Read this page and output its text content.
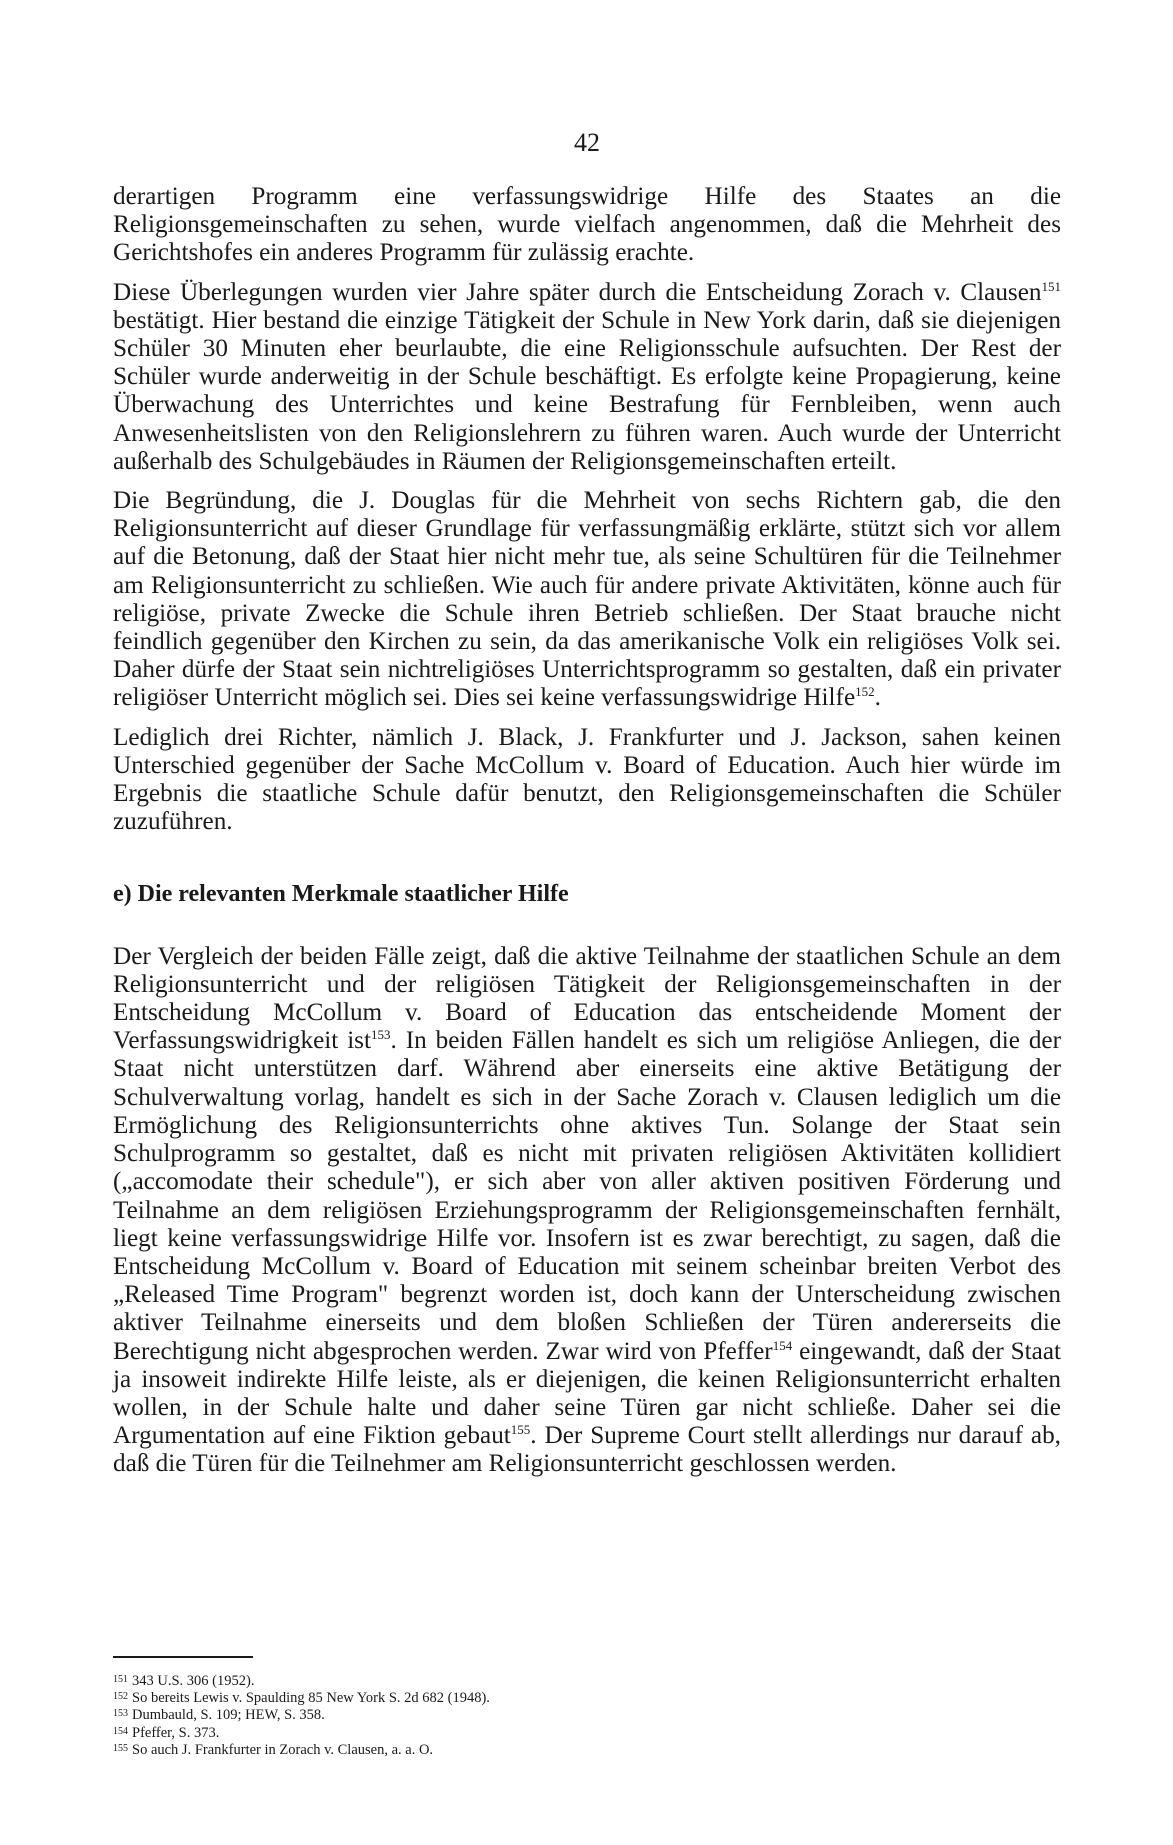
42

derartigen Programm eine verfassungswidrige Hilfe des Staates an die Religionsgemeinschaften zu sehen, wurde vielfach angenommen, daß die Mehrheit des Gerichtshofes ein anderes Programm für zulässig erachte.

Diese Überlegungen wurden vier Jahre später durch die Entscheidung Zorach v. Clausen$^{151}$ bestätigt. Hier bestand die einzige Tätigkeit der Schule in New York darin, daß sie diejenigen Schüler 30 Minuten eher beurlaubte, die eine Religionsschule aufsuchten. Der Rest der Schüler wurde anderweitig in der Schule beschäftigt. Es erfolgte keine Propagierung, keine Überwachung des Unterrichtes und keine Bestrafung für Fernbleiben, wenn auch Anwesenheitslisten von den Religionslehrern zu führen waren. Auch wurde der Unterricht außerhalb des Schulgebäudes in Räumen der Religionsgemeinschaften erteilt.

Die Begründung, die J. Douglas für die Mehrheit von sechs Richtern gab, die den Religionsunterricht auf dieser Grundlage für verfassungmäßig erklärte, stützt sich vor allem auf die Betonung, daß der Staat hier nicht mehr tue, als seine Schultüren für die Teilnehmer am Religionsunterricht zu schließen. Wie auch für andere private Aktivitäten, könne auch für religiöse, private Zwecke die Schule ihren Betrieb schließen. Der Staat brauche nicht feindlich gegenüber den Kirchen zu sein, da das amerikanische Volk ein religiöses Volk sei. Daher dürfe der Staat sein nichtreligiöses Unterrichtsprogramm so gestalten, daß ein privater religiöser Unterricht möglich sei. Dies sei keine verfassungswidrige Hilfe$^{152}$.

Lediglich drei Richter, nämlich J. Black, J. Frankfurter und J. Jackson, sahen keinen Unterschied gegenüber der Sache McCollum v. Board of Education. Auch hier würde im Ergebnis die staatliche Schule dafür benutzt, den Religionsgemeinschaften die Schüler zuzuführen.

e) Die relevanten Merkmale staatlicher Hilfe

Der Vergleich der beiden Fälle zeigt, daß die aktive Teilnahme der staatlichen Schule an dem Religionsunterricht und der religiösen Tätigkeit der Religionsgemeinschaften in der Entscheidung McCollum v. Board of Education das entscheidende Moment der Verfassungswidrigkeit ist$^{153}$. In beiden Fällen handelt es sich um religiöse Anliegen, die der Staat nicht unterstützen darf. Während aber einerseits eine aktive Betätigung der Schulverwaltung vorlag, handelt es sich in der Sache Zorach v. Clausen lediglich um die Ermöglichung des Religionsunterrichts ohne aktives Tun. Solange der Staat sein Schulprogramm so gestaltet, daß es nicht mit privaten religiösen Aktivitäten kollidiert („accomodate their schedule"), er sich aber von aller aktiven positiven Förderung und Teilnahme an dem religiösen Erziehungsprogramm der Religionsgemeinschaften fernhält, liegt keine verfassungswidrige Hilfe vor. Insofern ist es zwar berechtigt, zu sagen, daß die Entscheidung McCollum v. Board of Education mit seinem scheinbar breiten Verbot des „Released Time Program" begrenzt worden ist, doch kann der Unterscheidung zwischen aktiver Teilnahme einerseits und dem bloßen Schließen der Türen andererseits die Berechtigung nicht abgesprochen werden. Zwar wird von Pfeffer$^{154}$ eingewandt, daß der Staat ja insoweit indirekte Hilfe leiste, als er diejenigen, die keinen Religionsunterricht erhalten wollen, in der Schule halte und daher seine Türen gar nicht schließe. Daher sei die Argumentation auf eine Fiktion gebaut$^{155}$. Der Supreme Court stellt allerdings nur darauf ab, daß die Türen für die Teilnehmer am Religionsunterricht geschlossen werden.

$^{151}$ 343 U.S. 306 (1952).
$^{152}$ So bereits Lewis v. Spaulding 85 New York S. 2d 682 (1948).
$^{153}$ Dumbauld, S. 109; HEW, S. 358.
$^{154}$ Pfeffer, S. 373.
$^{155}$ So auch J. Frankfurter in Zorach v. Clausen, a. a. O.
